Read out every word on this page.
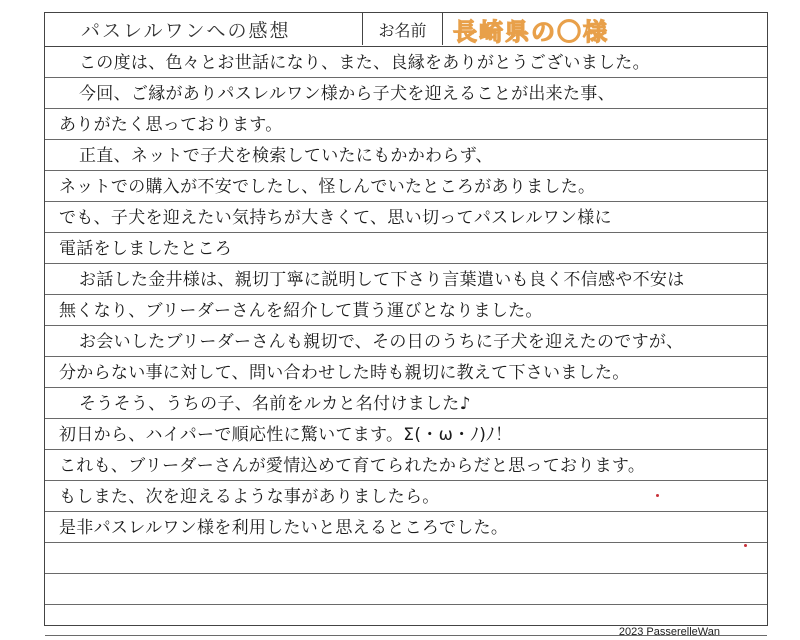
パスレルワンへの感想	お名前	長崎県の〇様
この度は、色々とお世話になり、また、良縁をありがとうございました。
今回、ご縁がありパスレルワン様から子犬を迎えることが出来た事、
ありがたく思っております。
正直、ネットで子犬を検索していたにもかかわらず、
ネットでの購入が不安でしたし、怪しんでいたところがありました。
でも、子犬を迎えたい気持ちが大きくて、思い切ってパスレルワン様に
電話をしましたところ
お話した金井様は、親切丁寧に説明して下さり言葉遣いも良く不信感や不安は
無くなり、ブリーダーさんを紹介して貰う運びとなりました。
お会いしたブリーダーさんも親切で、その日のうちに子犬を迎えたのですが、
分からない事に対して、問い合わせした時も親切に教えて下さいました。
そうそう、うちの子、名前をルカと名付けました♪
初日から、ハイパーで順応性に驚いてます。Σ(・ω・ﾉ)ﾉ！
これも、ブリーダーさんが愛情込めて育てられたからだと思っております。
もしまた、次を迎えるような事がありましたら。
是非パスレルワン様を利用したいと思えるところでした。
2023 PasserelleWan
